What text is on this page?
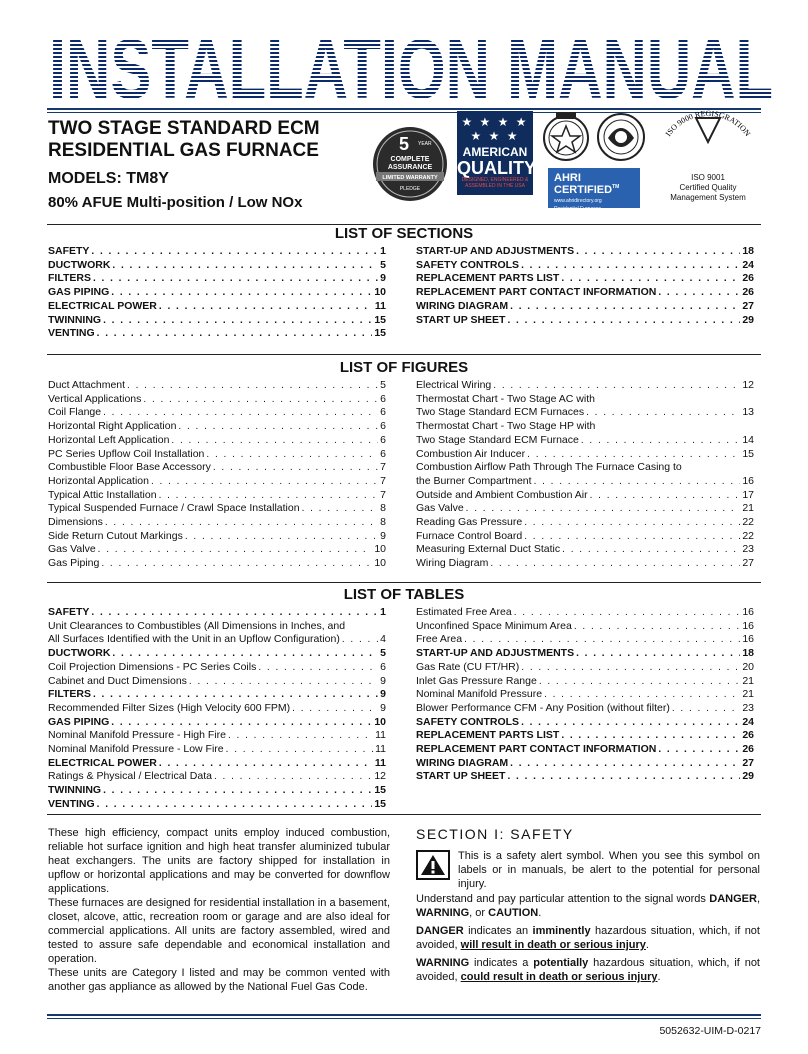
TWO STAGE STANDARD ECM
RESIDENTIAL GAS FURNACE
MODELS: TM8Y
80% AFUE Multi-position / Low NOx
5 YEAR
COMPLETE
ASSURANCE
LIMITED WARRANTY
PLEDGE
★ ★ ★ ★
★ ★ ★
AMERICAN
QUALITY
DESIGNED, ENGINEERED &
ASSEMBLED IN THE USA
AHRI CERTIFIED™
www.ahridirectory.org
Residential Furnaces
DOE 10 CFR Part 430
ISO 9000 REGISGRATION
ISO 9001
Certified Quality
Management System
LIST OF SECTIONS
SAFETY . . .	1
DUCTWORK . . .	5
FILTERS . . .	9
GAS PIPING . . .	10
ELECTRICAL POWER . . .	11
TWINNING . . .	15
VENTING . . .	15
START-UP AND ADJUSTMENTS . . .	18
SAFETY CONTROLS . . .	24
REPLACEMENT PARTS LIST . . .	26
REPLACEMENT PART CONTACT INFORMATION . . .	26
WIRING DIAGRAM . . .	27
START UP SHEET . . .	29
LIST OF FIGURES
Duct Attachment . . .	5
Vertical Applications . . .	6
Coil Flange . . .	6
Horizontal Right Application . . .	6
Horizontal Left Application . . .	6
PC Series Upflow Coil Installation . . .	6
Combustible Floor Base Accessory . . .	7
Horizontal Application . . .	7
Typical Attic Installation . . .	7
Typical Suspended Furnace / Crawl Space Installation . . .	8
Dimensions . . .	8
Side Return Cutout Markings . . .	9
Gas Valve . . .	10
Gas Piping . . .	10
Electrical Wiring . . .	12
Thermostat Chart - Two Stage AC with
Two Stage Standard ECM Furnaces . . .	13
Thermostat Chart - Two Stage HP with
Two Stage Standard ECM Furnace . . .	14
Combustion Air Inducer . . .	15
Combustion Airflow Path Through The Furnace Casing to
the Burner Compartment . . .	16
Outside and Ambient Combustion Air . . .	17
Gas Valve . . .	21
Reading Gas Pressure . . .	22
Furnace Control Board . . .	22
Measuring External Duct Static . . .	23
Wiring Diagram . . .	27
LIST OF TABLES
SAFETY . . .	1
Unit Clearances to Combustibles (All Dimensions in Inches, and
All Surfaces Identified with the Unit in an Upflow Configuration) . . .	4
DUCTWORK . . .	5
Coil Projection Dimensions - PC Series Coils . . .	6
Cabinet and Duct Dimensions . . .	9
FILTERS . . .	9
Recommended Filter Sizes (High Velocity 600 FPM) . . .	9
GAS PIPING . . .	10
Nominal Manifold Pressure - High Fire . . .	11
Nominal Manifold Pressure - Low Fire . . .	11
ELECTRICAL POWER . . .	11
Ratings & Physical / Electrical Data . . .	12
TWINNING . . .	15
VENTING . . .	15
Estimated Free Area . . .	16
Unconfined Space Minimum Area . . .	16
Free Area . . .	16
START-UP AND ADJUSTMENTS . . .	18
Gas Rate (CU FT/HR) . . .	20
Inlet Gas Pressure Range . . .	21
Nominal Manifold Pressure . . .	21
Blower Performance CFM - Any Position (without filter) . . .	23
SAFETY CONTROLS . . .	24
REPLACEMENT PARTS LIST . . .	26
REPLACEMENT PART CONTACT INFORMATION . . .	26
WIRING DIAGRAM . . .	27
START UP SHEET . . .	29

These high efficiency, compact units employ induced combustion, reliable hot surface ignition and high heat transfer aluminized tubular heat exchangers. The units are factory shipped for installation in upflow or horizontal applications and may be converted for downflow applications.

These furnaces are designed for residential installation in a basement, closet, alcove, attic, recreation room or garage and are also ideal for commercial applications. All units are factory assembled, wired and tested to assure safe dependable and economical installation and operation.

These units are Category I listed and may be common vented with another gas appliance as allowed by the National Fuel Gas Code.

SECTION I: SAFETY
This is a safety alert symbol. When you see this symbol on labels or in manuals, be alert to the potential for personal injury.

Understand and pay particular attention to the signal words DANGER, WARNING, or CAUTION.

DANGER indicates an imminently hazardous situation, which, if not avoided, will result in death or serious injury.

WARNING indicates a potentially hazardous situation, which, if not avoided, could result in death or serious injury.

5052632-UIM-D-0217
